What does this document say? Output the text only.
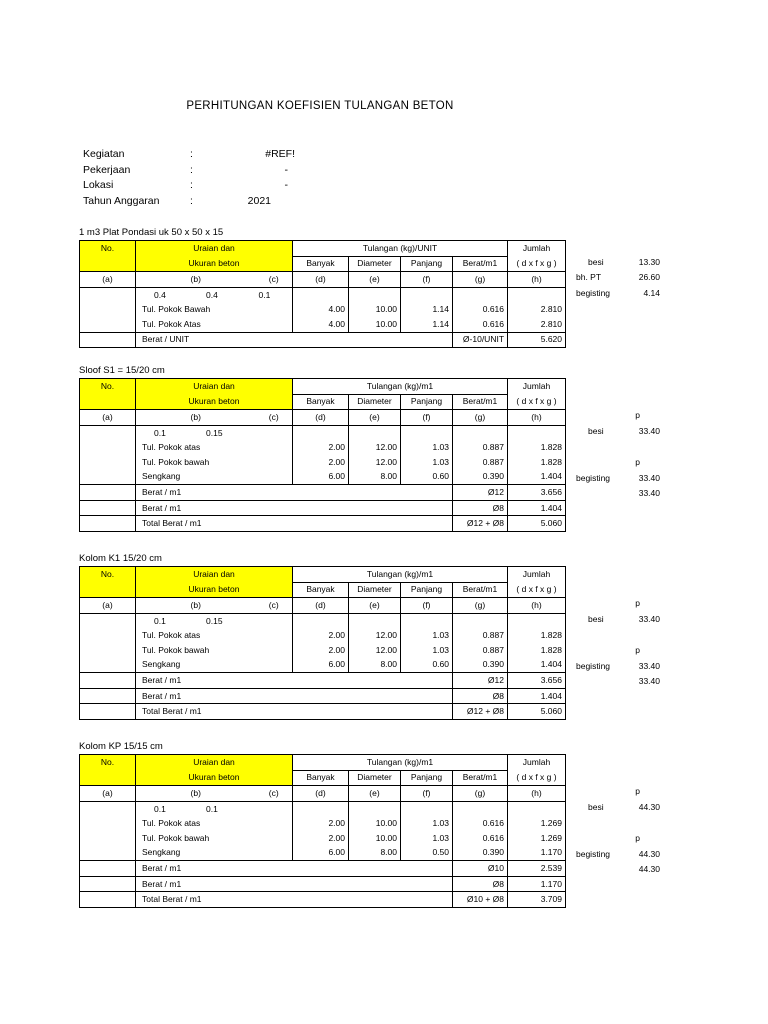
PERHITUNGAN KOEFISIEN TULANGAN BETON
Kegiatan	:	#REF!
Pekerjaan	:	-
Lokasi	:	-
Tahun Anggaran	:	2021
1 m3 Plat Pondasi uk 50 x 50 x 15
No.	Uraian dan		Tulangan (kg)/UNIT				Jumlah
	Ukuran beton		Banyak	Diameter	Panjang	Berat/m1	( d x f x g )
(a)	(b)	(c)	(d)	(e)	(f)	(g)	(h)
	0.4 0.4	0.1					
	Tul. Pokok Bawah		4.00	10.00	1.14	0.616	2.810
	Tul. Pokok Atas		4.00	10.00	1.14	0.616	2.810
	Berat / UNIT					Ø-10/UNIT	5.620
besi	13.30
bh. PT	26.60
begisting	4.14
Sloof S1 = 15/20 cm
No.	Uraian dan		Tulangan (kg)/m1				Jumlah
	Ukuran beton		Banyak	Diameter	Panjang	Berat/m1	( d x f x g )
(a)	(b)	(c)	(d)	(e)	(f)	(g)	(h)
	0.1 0.15						
	Tul. Pokok atas		2.00	12.00	1.03	0.887	1.828
	Tul. Pokok bawah		2.00	12.00	1.03	0.887	1.828
	Sengkang		6.00	8.00	0.60	0.390	1.404
	Berat / m1					Ø12	3.656
	Berat / m1					Ø8	1.404
	Total Berat / m1					Ø12 + Ø8	5.060
p
besi	33.40
p
begisting	33.40
33.40
Kolom K1 15/20 cm
No.	Uraian dan		Tulangan (kg)/m1				Jumlah
	Ukuran beton		Banyak	Diameter	Panjang	Berat/m1	( d x f x g )
(a)	(b)	(c)	(d)	(e)	(f)	(g)	(h)
	0.1 0.15						
	Tul. Pokok atas		2.00	12.00	1.03	0.887	1.828
	Tul. Pokok bawah		2.00	12.00	1.03	0.887	1.828
	Sengkang		6.00	8.00	0.60	0.390	1.404
	Berat / m1					Ø12	3.656
	Berat / m1					Ø8	1.404
	Total Berat / m1					Ø12 + Ø8	5.060
p
besi	33.40
p
begisting	33.40
33.40
Kolom KP 15/15 cm
No.	Uraian dan		Tulangan (kg)/m1				Jumlah
	Ukuran beton		Banyak	Diameter	Panjang	Berat/m1	( d x f x g )
(a)	(b)	(c)	(d)	(e)	(f)	(g)	(h)
	0.1 0.1						
	Tul. Pokok atas		2.00	10.00	1.03	0.616	1.269
	Tul. Pokok bawah		2.00	10.00	1.03	0.616	1.269
	Sengkang		6.00	8.00	0.50	0.390	1.170
	Berat / m1					Ø10	2.539
	Berat / m1					Ø8	1.170
	Total Berat / m1					Ø10 + Ø8	3.709
p
besi	44.30
p
begisting	44.30
44.30
